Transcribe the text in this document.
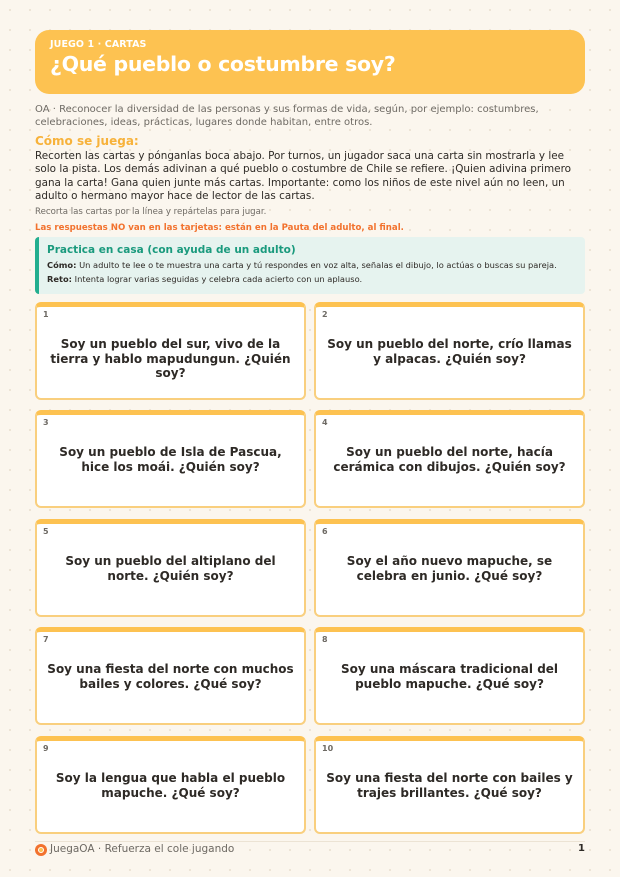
JUEGO 1 · CARTAS
¿Qué pueblo o costumbre soy?
OA · Reconocer la diversidad de las personas y sus formas de vida, según, por ejemplo: costumbres, celebraciones, ideas, prácticas, lugares donde habitan, entre otros.
Cómo se juega:
Recorten las cartas y pónganlas boca abajo. Por turnos, un jugador saca una carta sin mostrarla y lee solo la pista. Los demás adivinan a qué pueblo o costumbre de Chile se refiere. ¡Quien adivina primero gana la carta! Gana quien junte más cartas. Importante: como los niños de este nivel aún no leen, un adulto o hermano mayor hace de lector de las cartas.
Recorta las cartas por la línea y repártelas para jugar.
Las respuestas NO van en las tarjetas: están en la Pauta del adulto, al final.
Practica en casa (con ayuda de un adulto)
Cómo: Un adulto te lee o te muestra una carta y tú respondes en voz alta, señalas el dibujo, lo actúas o buscas su pareja.
Reto: Intenta lograr varias seguidas y celebra cada acierto con un aplauso.
1
Soy un pueblo del sur, vivo de la tierra y hablo mapudungun. ¿Quién soy?
2
Soy un pueblo del norte, crío llamas y alpacas. ¿Quién soy?
3
Soy un pueblo de Isla de Pascua, hice los moái. ¿Quién soy?
4
Soy un pueblo del norte, hacía cerámica con dibujos. ¿Quién soy?
5
Soy un pueblo del altiplano del norte. ¿Quién soy?
6
Soy el año nuevo mapuche, se celebra en junio. ¿Qué soy?
7
Soy una fiesta del norte con muchos bailes y colores. ¿Qué soy?
8
Soy una máscara tradicional del pueblo mapuche. ¿Qué soy?
9
Soy la lengua que habla el pueblo mapuche. ¿Qué soy?
10
Soy una fiesta del norte con bailes y trajes brillantes. ¿Qué soy?
JuegaOA · Refuerza el cole jugando	1
